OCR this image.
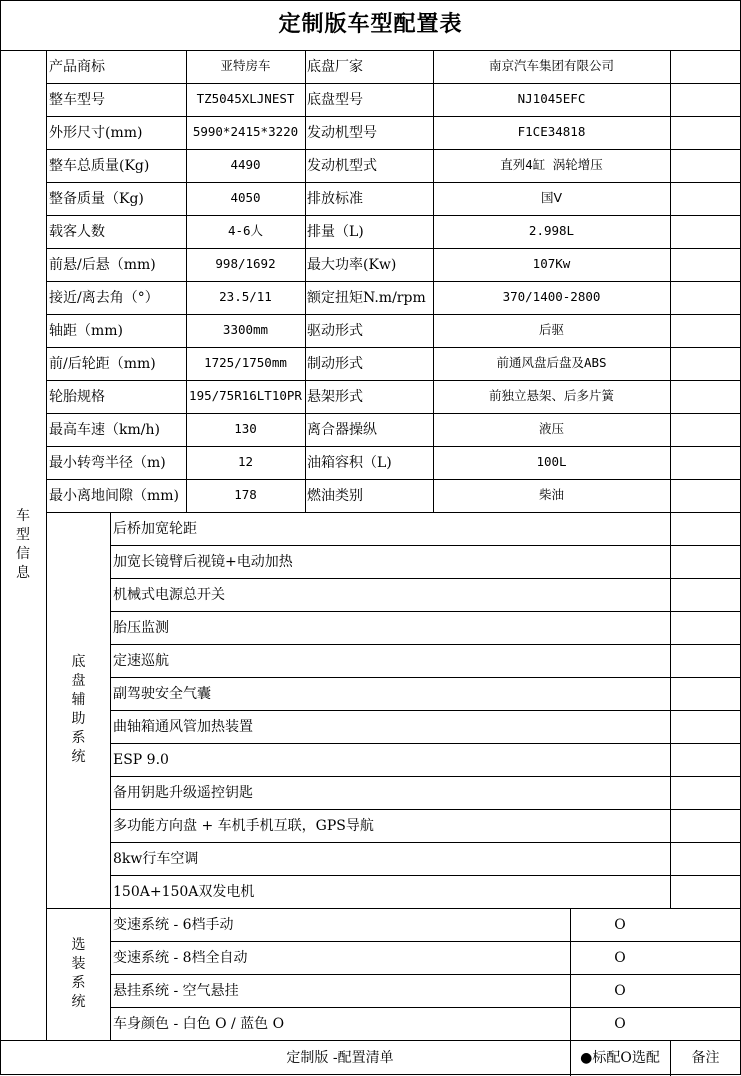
定制版车型配置表
车
型
信
息
底
盘
辅
助
系
统
选
装
系
统
产品商标	亚特房车	底盘厂家	南京汽车集团有限公司
整车型号	TZ5045XLJNEST 底盘型号	NJ1045EFC
外形尺寸(mm)	5990*2415*3220 发动机型号	F1CE34818
整车总质量(Kg)	4490	发动机型式	直列4缸 涡轮增压
整备质量（Kg)	4050	排放标准	国Ⅴ
载客人数	4-6人	排量（L)	2.998L
前悬/后悬（mm)	998/1692	最大功率(Kw)	107Kw
接近/离去角（°）	23.5/11	额定扭矩N.m/rpm	370/1400-2800
轴距（mm)	3300mm	驱动形式	后驱
前/后轮距（mm)	1725/1750mm	制动形式	前通风盘后盘及ABS
轮胎规格	195/75R16LT10PR 悬架形式	前独立悬架、后多片簧
最高车速（km/h)	130	离合器操纵	液压
最小转弯半径（m)	12	油箱容积（L)	100L
最小离地间隙（mm)	178	燃油类别	柴油
后桥加宽轮距
加宽长镜臂后视镜+电动加热
机械式电源总开关
胎压监测
定速巡航
副驾驶安全气囊
曲轴箱通风管加热装置
ESP 9.0
备用钥匙升级遥控钥匙
多功能方向盘 + 车机手机互联，GPS导航
8kw行车空调
150A+150A双发电机
变速系统 - 6档手动	O
变速系统 - 8档全自动	O
悬挂系统 - 空气悬挂	O
车身颜色 - 白色 O / 蓝色 O	O
定制版 -配置清单	●标配O选配	备注
